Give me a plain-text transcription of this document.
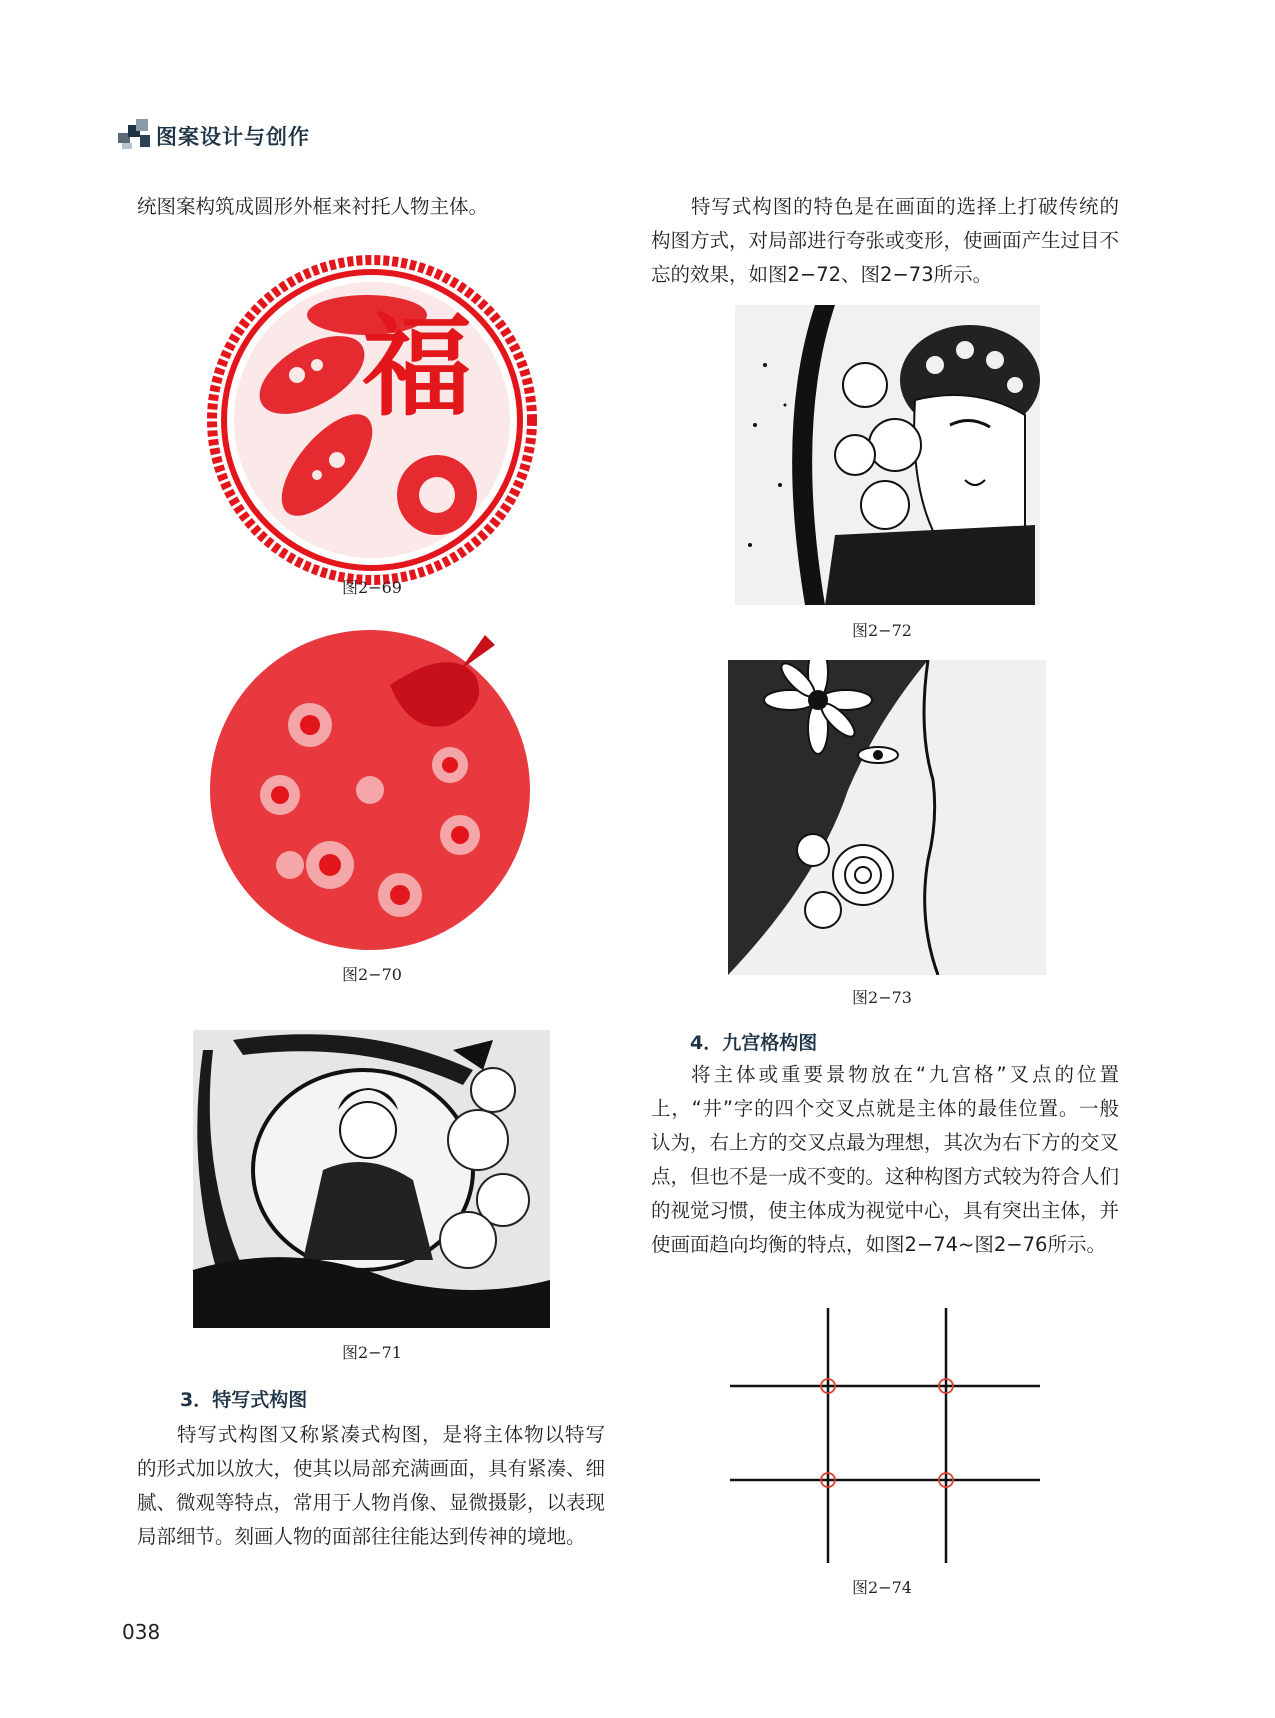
图案设计与创作
统图案构筑成圆形外框来衬托人物主体。
福
图2−69
图2−70
图2−71
3．特写式构图
特写式构图又称紧凑式构图，是将主体物以特写的形式加以放大，使其以局部充满画面，具有紧凑、细腻、微观等特点，常用于人物肖像、显微摄影，以表现局部细节。刻画人物的面部往往能达到传神的境地。
特写式构图的特色是在画面的选择上打破传统的构图方式，对局部进行夸张或变形，使画面产生过目不忘的效果，如图2−72、图2−73所示。
图2−72
图2−73
4．九宫格构图
将主体或重要景物放在“九宫格”叉点的位置上，“井”字的四个交叉点就是主体的最佳位置。一般认为，右上方的交叉点最为理想，其次为右下方的交叉点，但也不是一成不变的。这种构图方式较为符合人们的视觉习惯，使主体成为视觉中心，具有突出主体，并使画面趋向均衡的特点，如图2−74~图2−76所示。
图2−74
038
